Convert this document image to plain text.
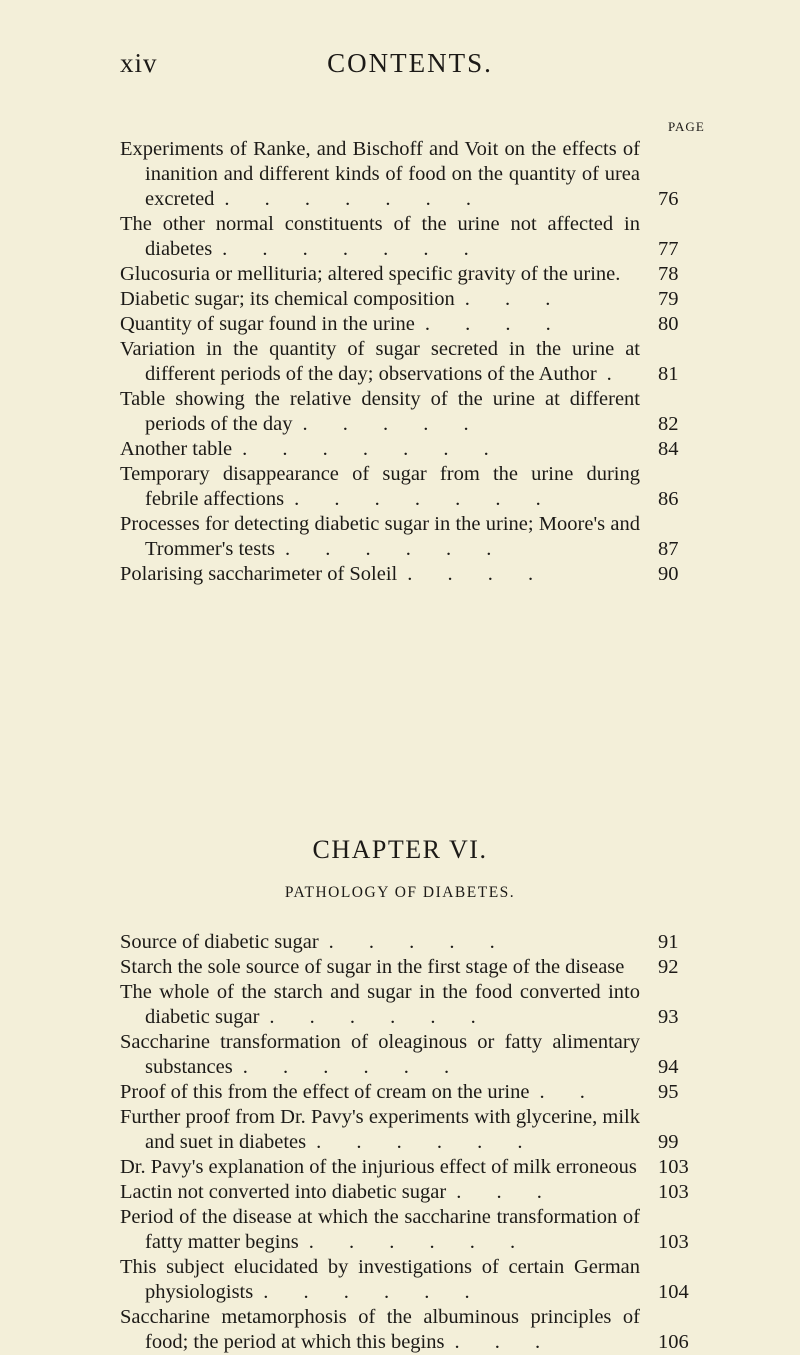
xiv	CONTENTS.
PAGE
Experiments of Ranke, and Bischoff and Voit on the effects of inanition and different kinds of food on the quantity of urea excreted . . . . . . .	76
The other normal constituents of the urine not affected in diabetes . . . . . . .	77
Glucosuria or mellituria; altered specific gravity of the urine.	78
Diabetic sugar; its chemical composition . . .	79
Quantity of sugar found in the urine . . . .	80
Variation in the quantity of sugar secreted in the urine at different periods of the day; observations of the Author .	81
Table showing the relative density of the urine at different periods of the day . . . . .	82
Another table . . . . . . .	84
Temporary disappearance of sugar from the urine during febrile affections . . . . . . .	86
Processes for detecting diabetic sugar in the urine; Moore's and Trommer's tests . . . . . .	87
Polarising saccharimeter of Soleil . . . .	90
CHAPTER VI.
PATHOLOGY OF DIABETES.
Source of diabetic sugar . . . . .	91
Starch the sole source of sugar in the first stage of the disease	92
The whole of the starch and sugar in the food converted into diabetic sugar . . . . . .	93
Saccharine transformation of oleaginous or fatty alimentary substances . . . . . .	94
Proof of this from the effect of cream on the urine . .	95
Further proof from Dr. Pavy's experiments with glycerine, milk and suet in diabetes . . . . . .	99
Dr. Pavy's explanation of the injurious effect of milk erroneous	103
Lactin not converted into diabetic sugar . . .	103
Period of the disease at which the saccharine transformation of fatty matter begins . . . . . .	103
This subject elucidated by investigations of certain German physiologists . . . . . .	104
Saccharine metamorphosis of the albuminous principles of food; the period at which this begins . . .	106
